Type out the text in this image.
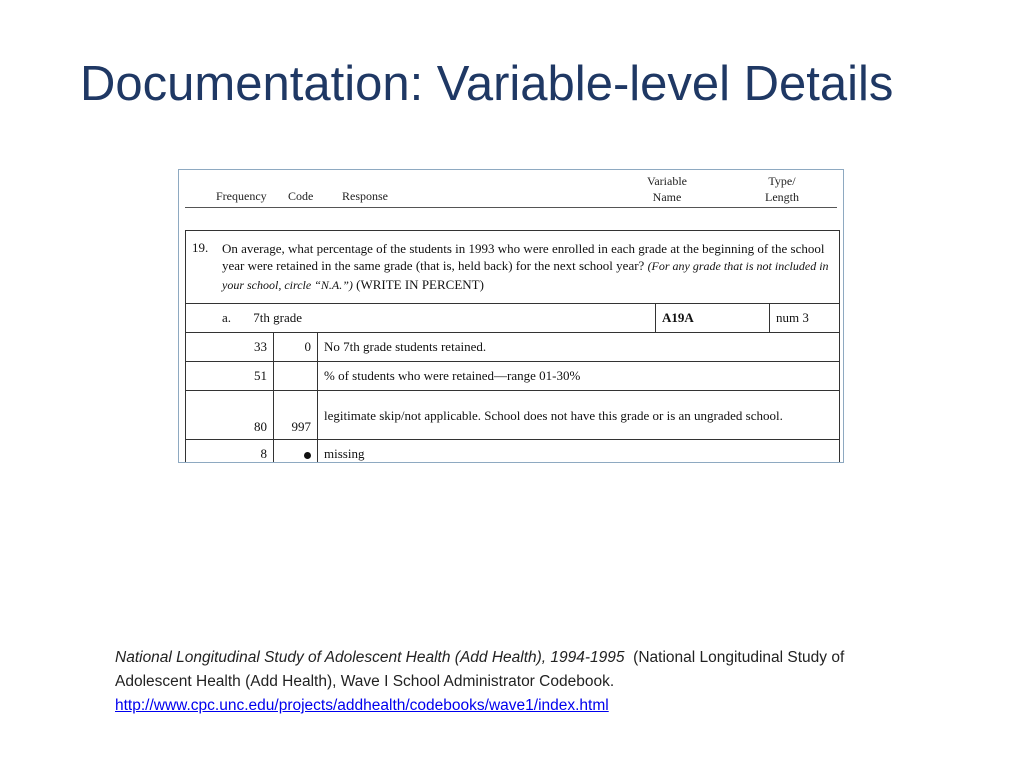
Documentation: Variable-level Details
Frequency Code Response
Variable
Name
Type/
Length
19. On average, what percentage of the students in 1993 who were enrolled in each grade at the beginning of the school year were retained in the same grade (that is, held back) for the next school year? (For any grade that is not included in your school, circle “N.A.”) (WRITE IN PERCENT)				

a. 7th grade			A19A	num 3
33	0	No 7th grade students retained.		
51		% of students who were retained—range 01-30%		
80	997	legitimate skip/not applicable. School does not have this grade or is an ungraded school.		
8		missing		

National Longitudinal Study of Adolescent Health (Add Health), 1994-1995 (National Longitudinal Study of Adolescent Health (Add Health), Wave I School Administrator Codebook.
http://www.cpc.unc.edu/projects/addhealth/codebooks/wave1/index.html
